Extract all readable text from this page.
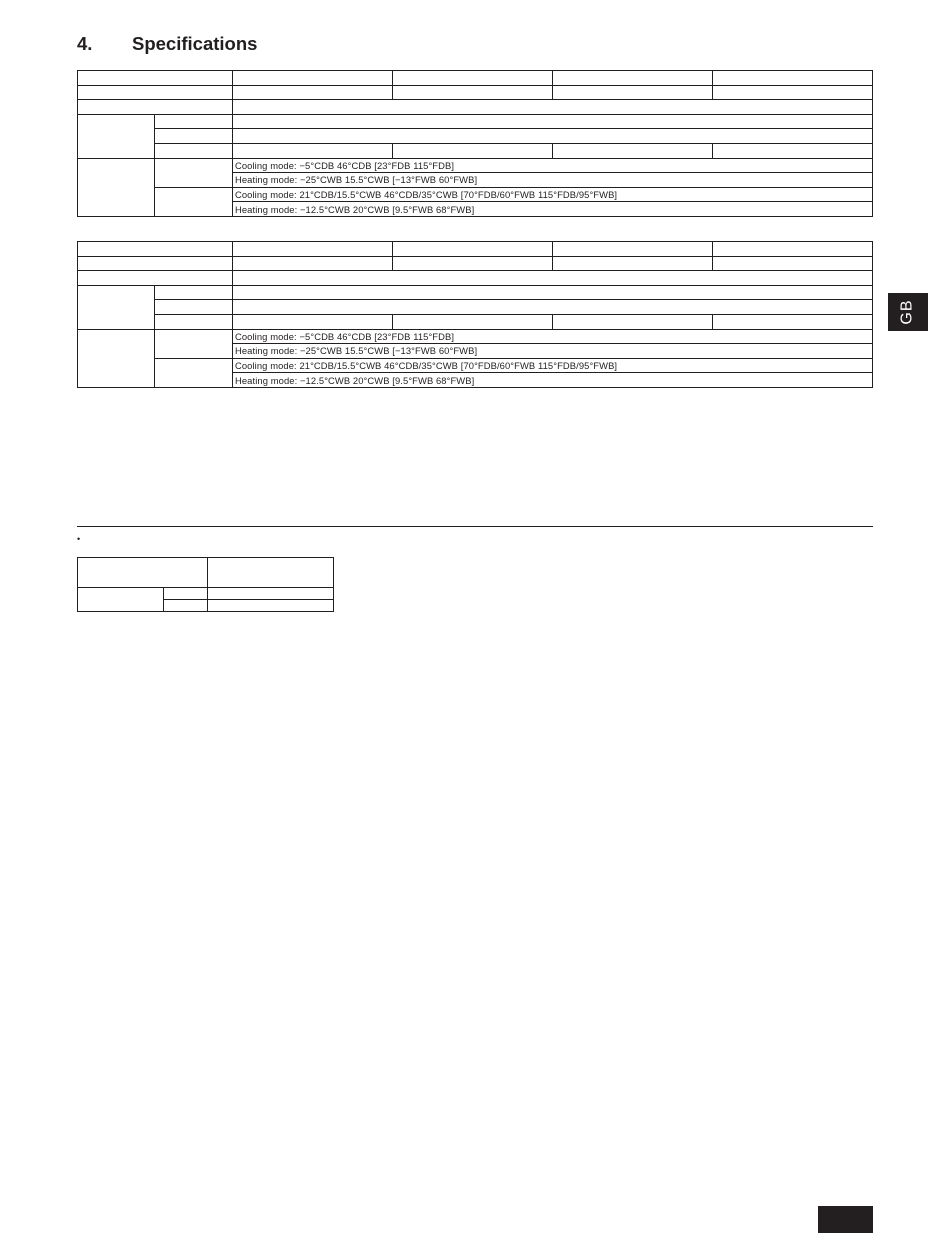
4. Specifications

		Cooling mode: −5°CDB 46°CDB [23°FDB 115°FDB]			
		Heating mode: −25°CWB 15.5°CWB [−13°FWB 60°FWB]			
		Cooling mode: 21°CDB/15.5°CWB 46°CDB/35°CWB [70°FDB/60°FWB 115°FDB/95°FWB]			
		Heating mode: −12.5°CWB 20°CWB [9.5°FWB 68°FWB]			

		Cooling mode: −5°CDB 46°CDB [23°FDB 115°FDB]			
		Heating mode: −25°CWB 15.5°CWB [−13°FWB 60°FWB]			
		Cooling mode: 21°CDB/15.5°CWB 46°CDB/35°CWB [70°FDB/60°FWB 115°FDB/95°FWB]			
		Heating mode: −12.5°CWB 20°CWB [9.5°FWB 68°FWB]			
•

GB
